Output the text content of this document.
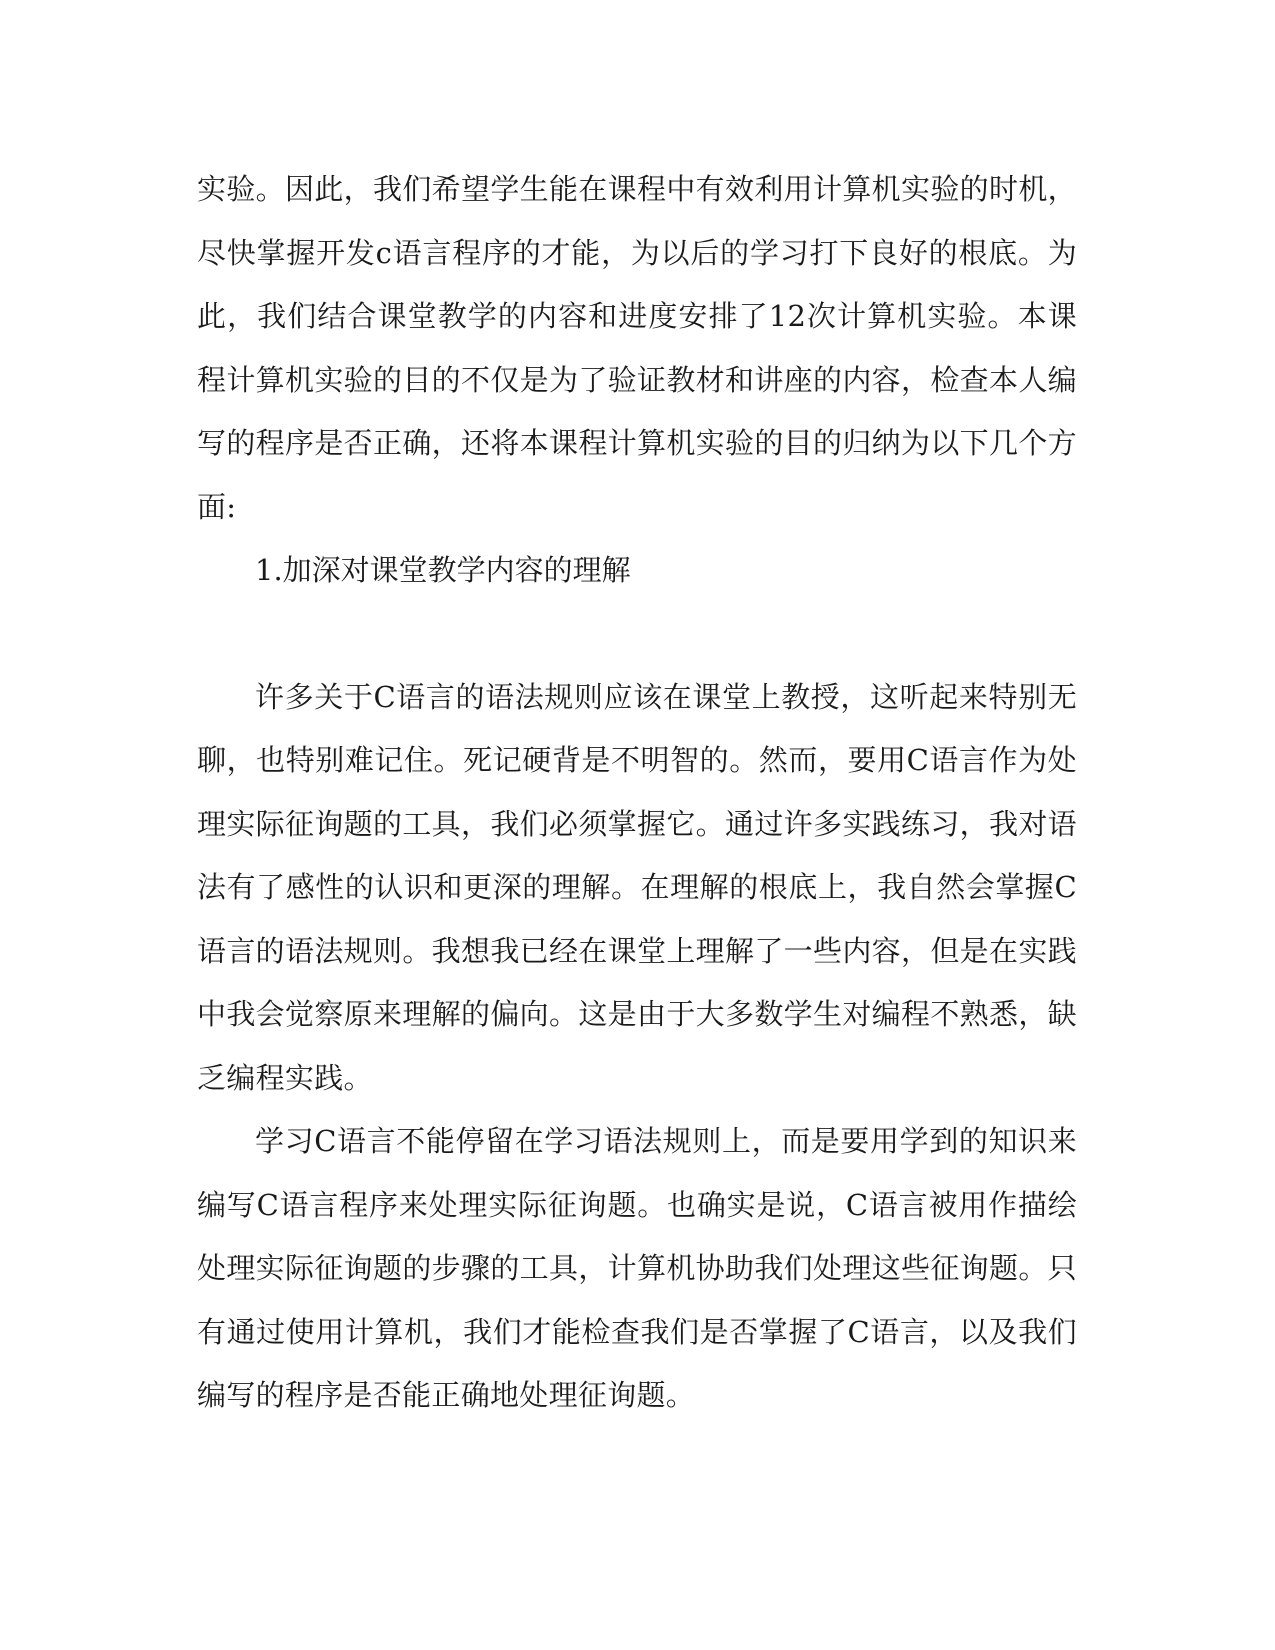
实验。因此，我们希望学生能在课程中有效利用计算机实验的时机，尽快掌握开发c语言程序的才能，为以后的学习打下良好的根底。为此，我们结合课堂教学的内容和进度安排了12次计算机实验。本课程计算机实验的目的不仅是为了验证教材和讲座的内容，检查本人编写的程序是否正确，还将本课程计算机实验的目的归纳为以下几个方面:

1.加深对课堂教学内容的理解

许多关于C语言的语法规则应该在课堂上教授，这听起来特别无聊，也特别难记住。死记硬背是不明智的。然而，要用C语言作为处理实际征询题的工具，我们必须掌握它。通过许多实践练习，我对语法有了感性的认识和更深的理解。在理解的根底上，我自然会掌握C语言的语法规则。我想我已经在课堂上理解了一些内容，但是在实践中我会觉察原来理解的偏向。这是由于大多数学生对编程不熟悉，缺乏编程实践。

学习C语言不能停留在学习语法规则上，而是要用学到的知识来编写C语言程序来处理实际征询题。也确实是说，C语言被用作描绘处理实际征询题的步骤的工具，计算机协助我们处理这些征询题。只有通过使用计算机，我们才能检查我们是否掌握了C语言，以及我们编写的程序是否能正确地处理征询题。
